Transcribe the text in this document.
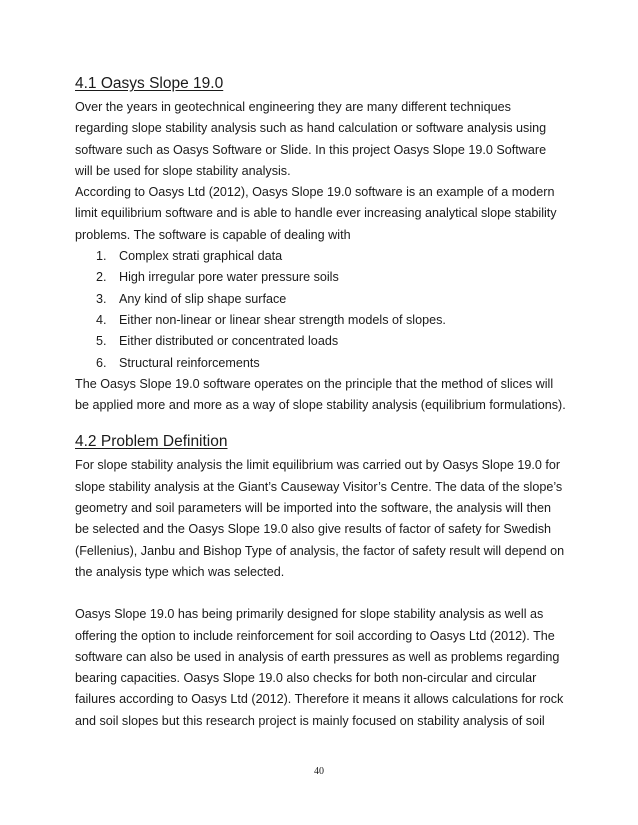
4.1 Oasys Slope 19.0
Over the years in geotechnical engineering they are many different techniques
regarding slope stability analysis such as hand calculation or software analysis using
software such as Oasys Software or Slide. In this project Oasys Slope 19.0 Software
will be used for slope stability analysis.
According to Oasys Ltd (2012), Oasys Slope 19.0 software is an example of a modern
limit equilibrium software and is able to handle ever increasing analytical slope stability
problems. The software is capable of dealing with
1. Complex strati graphical data
2. High irregular pore water pressure soils
3. Any kind of slip shape surface
4. Either non-linear or linear shear strength models of slopes.
5. Either distributed or concentrated loads
6. Structural reinforcements
The Oasys Slope 19.0 software operates on the principle that the method of slices will
be applied more and more as a way of slope stability analysis (equilibrium formulations).
4.2 Problem Definition
For slope stability analysis the limit equilibrium was carried out by Oasys Slope 19.0 for
slope stability analysis at the Giant’s Causeway Visitor’s Centre. The data of the slope’s
geometry and soil parameters will be imported into the software, the analysis will then
be selected and the Oasys Slope 19.0 also give results of factor of safety for Swedish
(Fellenius), Janbu and Bishop Type of analysis, the factor of safety result will depend on
the analysis type which was selected.
Oasys Slope 19.0 has being primarily designed for slope stability analysis as well as
offering the option to include reinforcement for soil according to Oasys Ltd (2012). The
software can also be used in analysis of earth pressures as well as problems regarding
bearing capacities. Oasys Slope 19.0 also checks for both non-circular and circular
failures according to Oasys Ltd (2012). Therefore it means it allows calculations for rock
and soil slopes but this research project is mainly focused on stability analysis of soil
40
